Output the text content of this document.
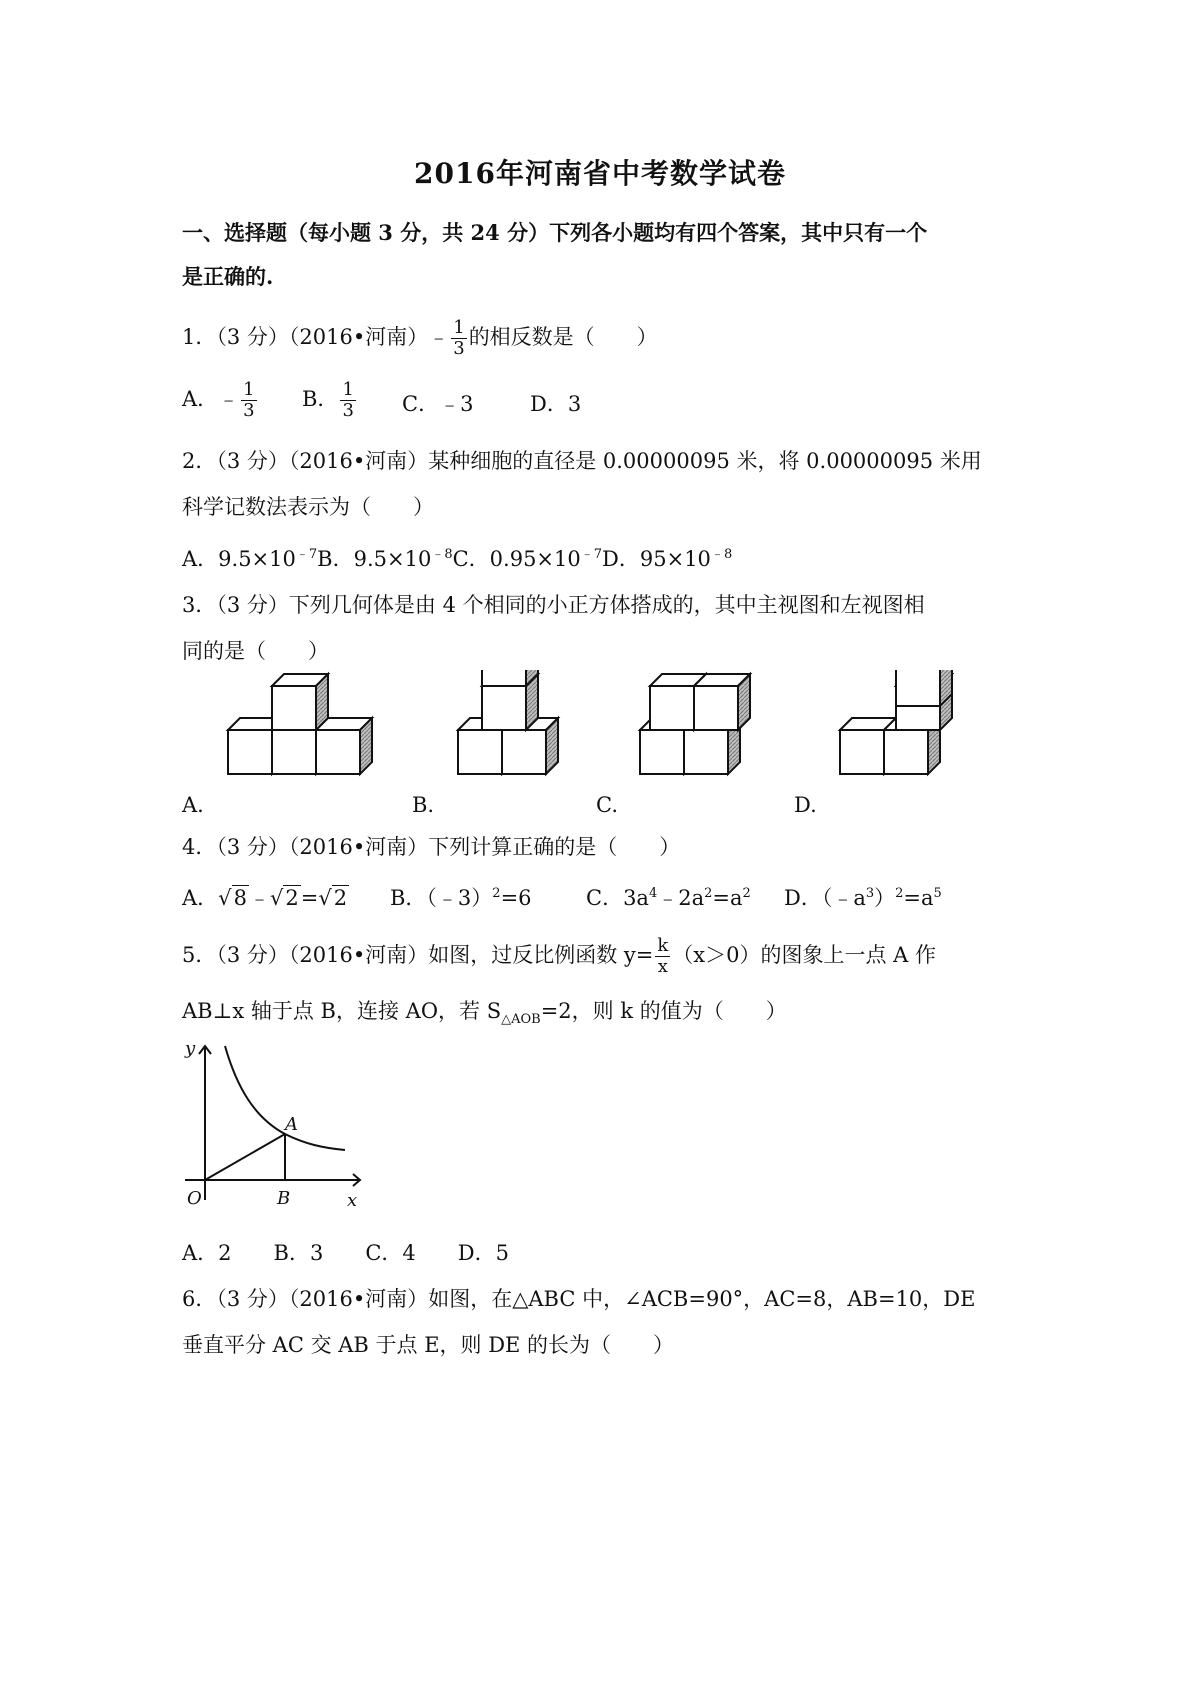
2016年河南省中考数学试卷
一、选择题（每小题 3 分，共 24 分）下列各小题均有四个答案，其中只有一个
是正确的.
1．（3 分）（2016•河南）﹣ $\frac{1}{3}$ 的相反数是（　　）
A．﹣ $\frac{1}{3}$ B． $\frac{1}{3}$ C．﹣3	D．3
2．（3 分）（2016•河南）某种细胞的直径是 0.00000095 米，将 0.00000095 米用
科学记数法表示为（　　）
A．$9.5\times 10^{﹣7}B$．$9.5\times 10^{﹣8}C$．$0.95\times 10^{﹣7}D$．$95\times 10^{﹣8}$
3．（3 分）下列几何体是由 4 个相同的小正方体搭成的，其中主视图和左视图相
同的是（　　）
A.	B.	C.	D.
4．（3 分）（2016•河南）下列计算正确的是（　　）
A．√8﹣√2=√2 B．（﹣3）$^2$=6	C．$3a^4﹣2a^2=a^2$ D．$(﹣a^3)^2=a^5$
5．（3 分）（2016•河南）如图，过反比例函数 $y= \frac{k}{x} (x>0)$的图象上一点 A 作
AB⊥x 轴于点 B，连接 AO，若 $S_{\triangle AOB}=2$，则 k 的值为（　　）
y
x
O
A
B
A．2　　B．3　　C．4　　D．5
6．（3 分）（2016•河南）如图，在△ABC 中，∠ACB=90°，AC=8，AB=10，DE
垂直平分 AC 交 AB 于点 E，则 DE 的长为（　　）
